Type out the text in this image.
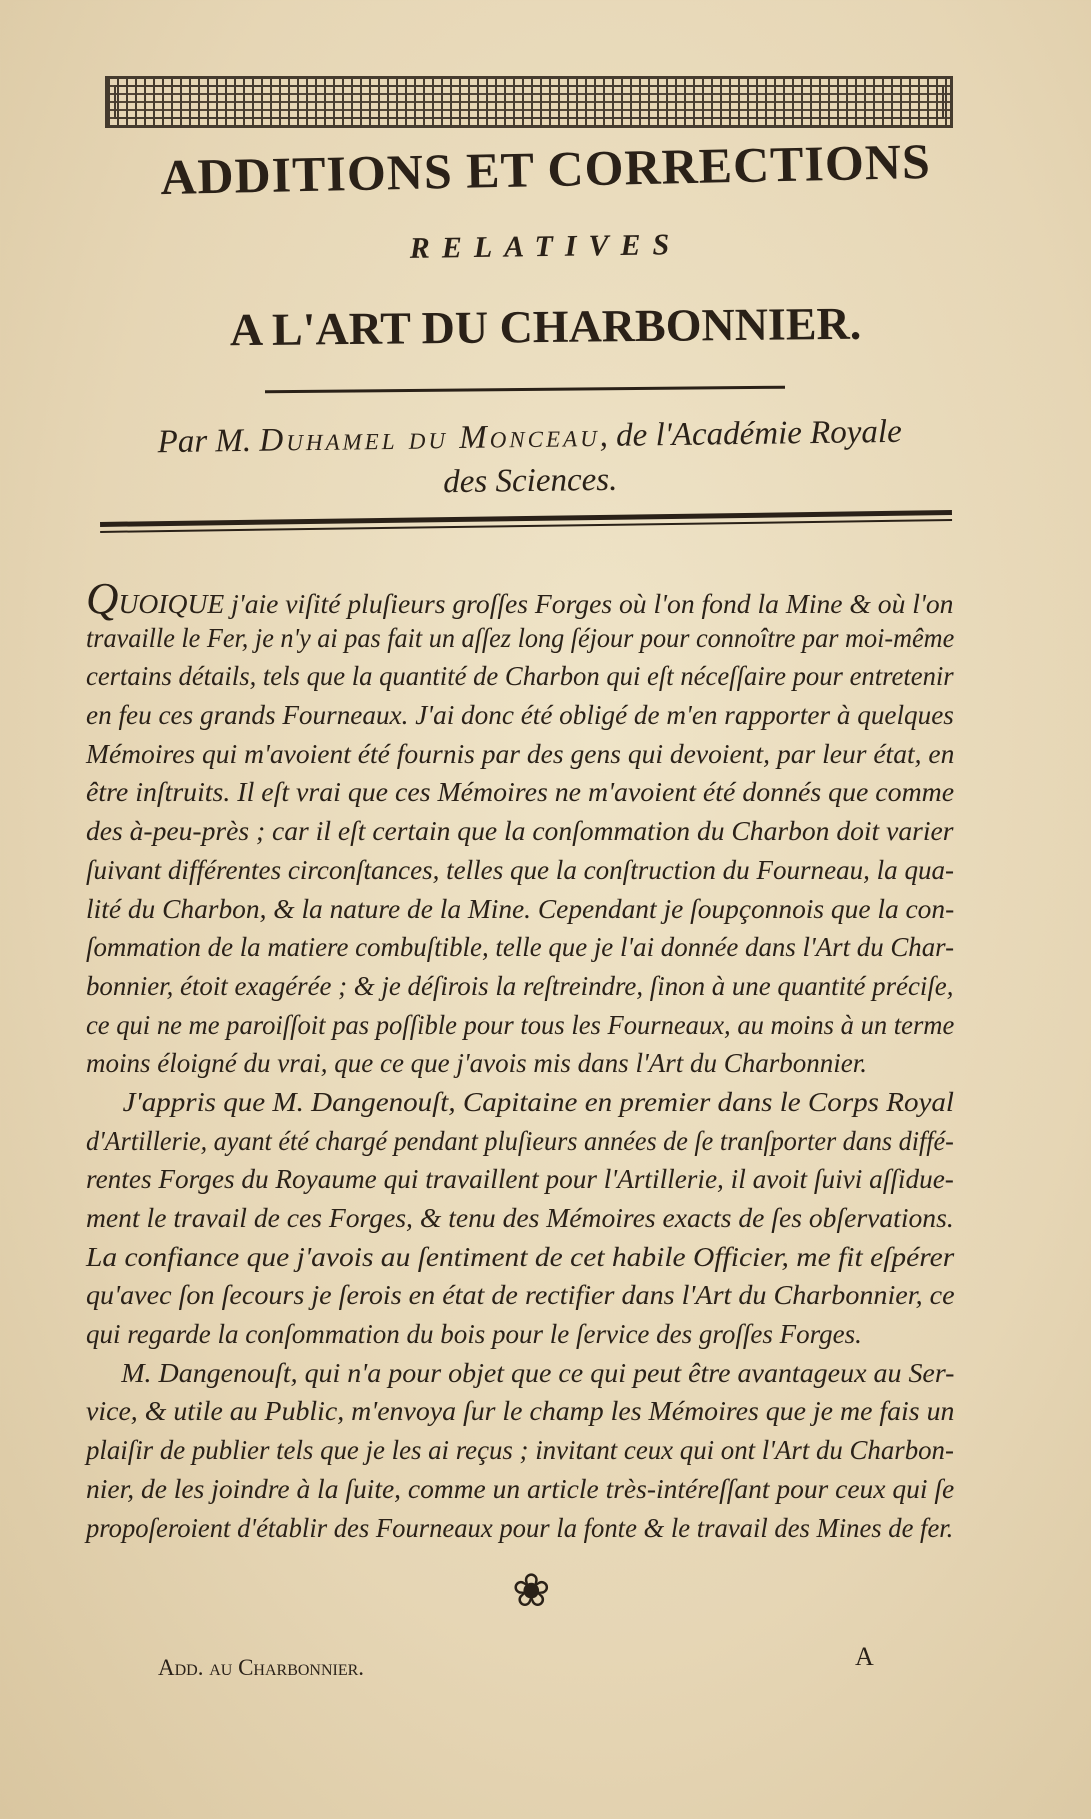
ADDITIONS ET CORRECTIONS
RELATIVES
A L'ART DU CHARBONNIER.
Par M. Duhamel du Monceau, de l'Académie Royale
des Sciences.
QUOIQUE j'aie viſité pluſieurs groſſes Forges où l'on fond la Mine & où l'on
travaille le Fer, je n'y ai pas fait un aſſez long ſéjour pour connoître par moi-même
certains détails, tels que la quantité de Charbon qui eſt néceſſaire pour entretenir
en feu ces grands Fourneaux. J'ai donc été obligé de m'en rapporter à quelques
Mémoires qui m'avoient été fournis par des gens qui devoient, par leur état, en
être inſtruits. Il eſt vrai que ces Mémoires ne m'avoient été donnés que comme
des à-peu-près ; car il eſt certain que la conſommation du Charbon doit varier
ſuivant différentes circonſtances, telles que la conſtruction du Fourneau, la qua-
lité du Charbon, & la nature de la Mine. Cependant je ſoupçonnois que la con-
ſommation de la matiere combuſtible, telle que je l'ai donnée dans l'Art du Char-
bonnier, étoit exagérée ; & je déſirois la reſtreindre, ſinon à une quantité préciſe,
ce qui ne me paroiſſoit pas poſſible pour tous les Fourneaux, au moins à un terme
moins éloigné du vrai, que ce que j'avois mis dans l'Art du Charbonnier.
J'appris que M. Dangenouſt, Capitaine en premier dans le Corps Royal
d'Artillerie, ayant été chargé pendant pluſieurs années de ſe tranſporter dans diffé-
rentes Forges du Royaume qui travaillent pour l'Artillerie, il avoit ſuivi aſſidue-
ment le travail de ces Forges, & tenu des Mémoires exacts de ſes obſervations.
La confiance que j'avois au ſentiment de cet habile Officier, me fit eſpérer
qu'avec ſon ſecours je ſerois en état de rectifier dans l'Art du Charbonnier, ce
qui regarde la conſommation du bois pour le ſervice des groſſes Forges.
M. Dangenouſt, qui n'a pour objet que ce qui peut être avantageux au Ser-
vice, & utile au Public, m'envoya ſur le champ les Mémoires que je me fais un
plaiſir de publier tels que je les ai reçus ; invitant ceux qui ont l'Art du Charbon-
nier, de les joindre à la ſuite, comme un article très-intéreſſant pour ceux qui ſe
propoſeroient d'établir des Fourneaux pour la fonte & le travail des Mines de fer.
❀
Add. au Charbonnier.	A
